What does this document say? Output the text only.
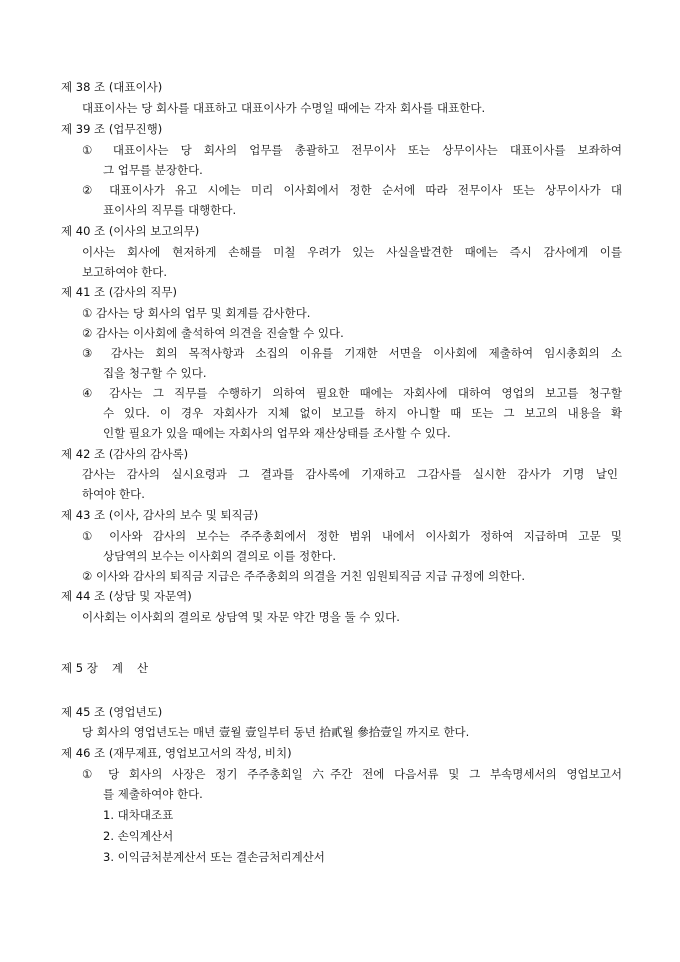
제 38 조 (대표이사)
대표이사는 당 회사를 대표하고 대표이사가 수명일 때에는 각자 회사를 대표한다.
제 39 조 (업무진행)
① 대표이사는 당 회사의 업무를 총괄하고 전무이사 또는 상무이사는 대표이사를 보좌하여
그 업무를 분장한다.
② 대표이사가 유고 시에는 미리 이사회에서 정한 순서에 따라 전무이사 또는 상무이사가 대
표이사의 직무를 대행한다.
제 40 조 (이사의 보고의무)
이사는 회사에 현저하게 손해를 미칠 우려가 있는 사실을발견한 때에는 즉시 감사에게 이를
보고하여야 한다.
제 41 조 (감사의 직무)
① 감사는 당 회사의 업무 및 회계를 감사한다.
② 감사는 이사회에 출석하여 의견을 진술할 수 있다.
③ 감사는 회의 목적사항과 소집의 이유를 기재한 서면을 이사회에 제출하여 임시총회의 소
집을 청구할 수 있다.
④ 감사는 그 직무를 수행하기 의하여 필요한 때에는 자회사에 대하여 영업의 보고를 청구할
수 있다. 이 경우 자회사가 지체 없이 보고를 하지 아니할 때 또는 그 보고의 내용을 확
인할 필요가 있을 때에는 자회사의 업무와 재산상태를 조사할 수 있다.
제 42 조 (감사의 감사록)
감사는 감사의 실시요령과 그 결과를 감사록에 기재하고 그감사를 실시한 감사가 기명 날인
하여야 한다.
제 43 조 (이사, 감사의 보수 및 퇴직금)
① 이사와 감사의 보수는 주주총회에서 정한 범위 내에서 이사회가 정하여 지급하며 고문 및
상담역의 보수는 이사회의 결의로 이를 정한다.
② 이사와 감사의 퇴직금 지급은 주주총회의 의결을 거친 임원퇴직금 지급 규정에 의한다.
제 44 조 (상담 및 자문역)
이사회는 이사회의 결의로 상담역 및 자문 약간 명을 둘 수 있다.
제 5 장 계 산
제 45 조 (영업년도)
당 회사의 영업년도는 매년 壹월 壹일부터 동년 拾貳월 參拾壹일 까지로 한다.
제 46 조 (재무제표, 영업보고서의 작성, 비치)
① 당 회사의 사장은 정기 주주총회일 六주간 전에 다음서류 및 그 부속명세서의 영업보고서
를 제출하여야 한다.
1. 대차대조표
2. 손익계산서
3. 이익금처분계산서 또는 결손금처리계산서
